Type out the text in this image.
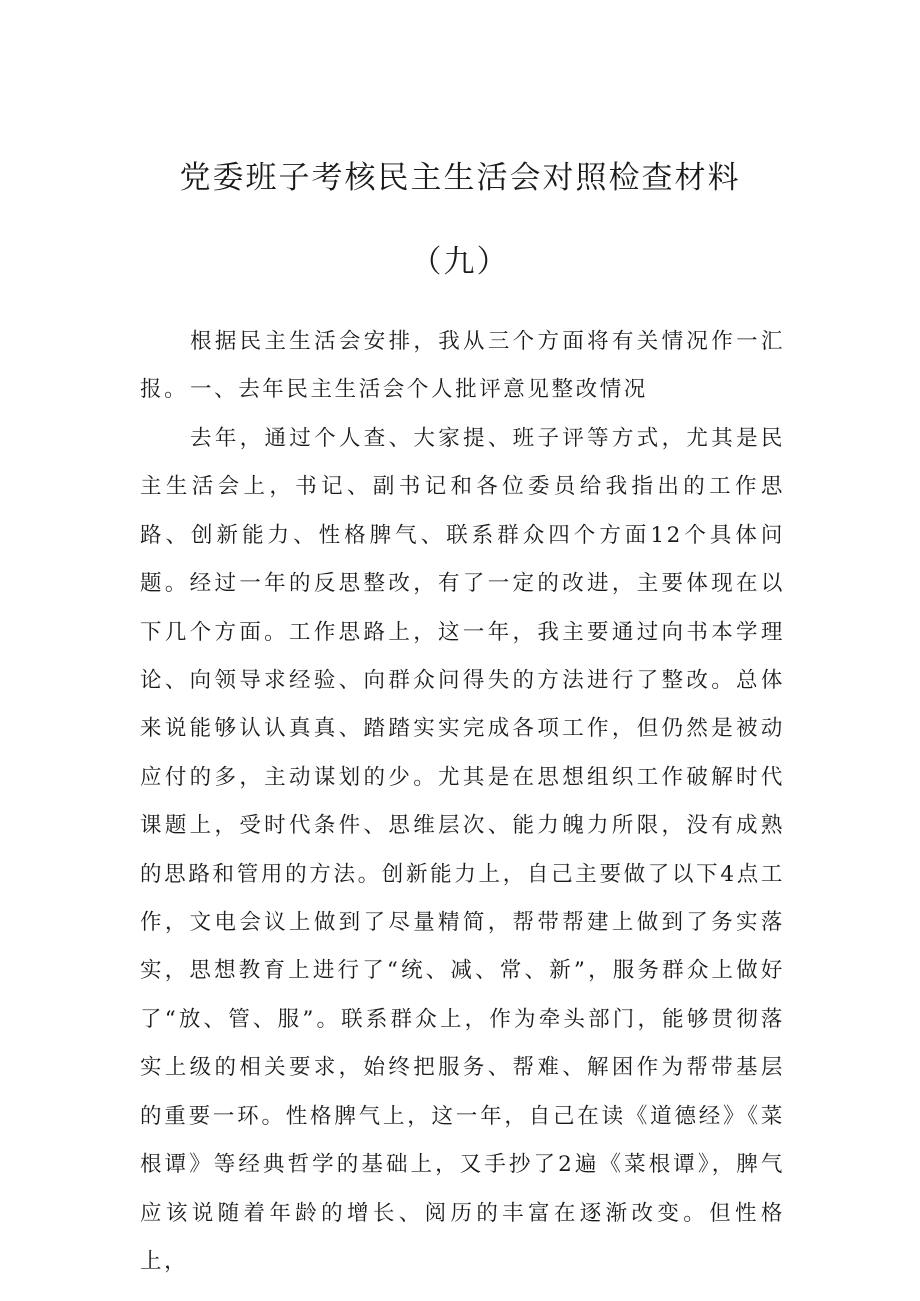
党委班子考核民主生活会对照检查材料
（九）

根据民主生活会安排，我从三个方面将有关情况作一汇报。 一、去年民主生活会个人批评意见整改情况

去年，通过个人查、大家提、班子评等方式，尤其是民主生活会上，书记、副书记和各位委员给我指出的工作思路、创新能力、性格脾气、联系群众四个方面12个具体问题。经过一年的反思整改，有了一定的改进，主要体现在以下几个方面。工作思路上，这一年，我主要通过向书本学理论、向领导求经验、向群众问得失的方法进行了整改。总体来说能够认认真真、踏踏实实完成各项工作，但仍然是被动应付的多，主动谋划的少。尤其是在思想组织工作破解时代课题上，受时代条件、思维层次、能力魄力所限，没有成熟的思路和管用的方法。创新能力上，自己主要做了以下4点工作，文电会议上做到了尽量精简，帮带帮建上做到了务实落实，思想教育上进行了“统、减、常、新”，服务群众上做好了“放、管、服”。联系群众上，作为牵头部门，能够贯彻落实上级的相关要求，始终把服务、帮难、解困作为帮带基层的重要一环。性格脾气上，这一年，自己在读《道德经》《菜根谭》等经典哲学的基础上，又手抄了2遍《菜根谭》，脾气应该说随着年龄的增长、阅历的丰富在逐渐改变。但性格上，
